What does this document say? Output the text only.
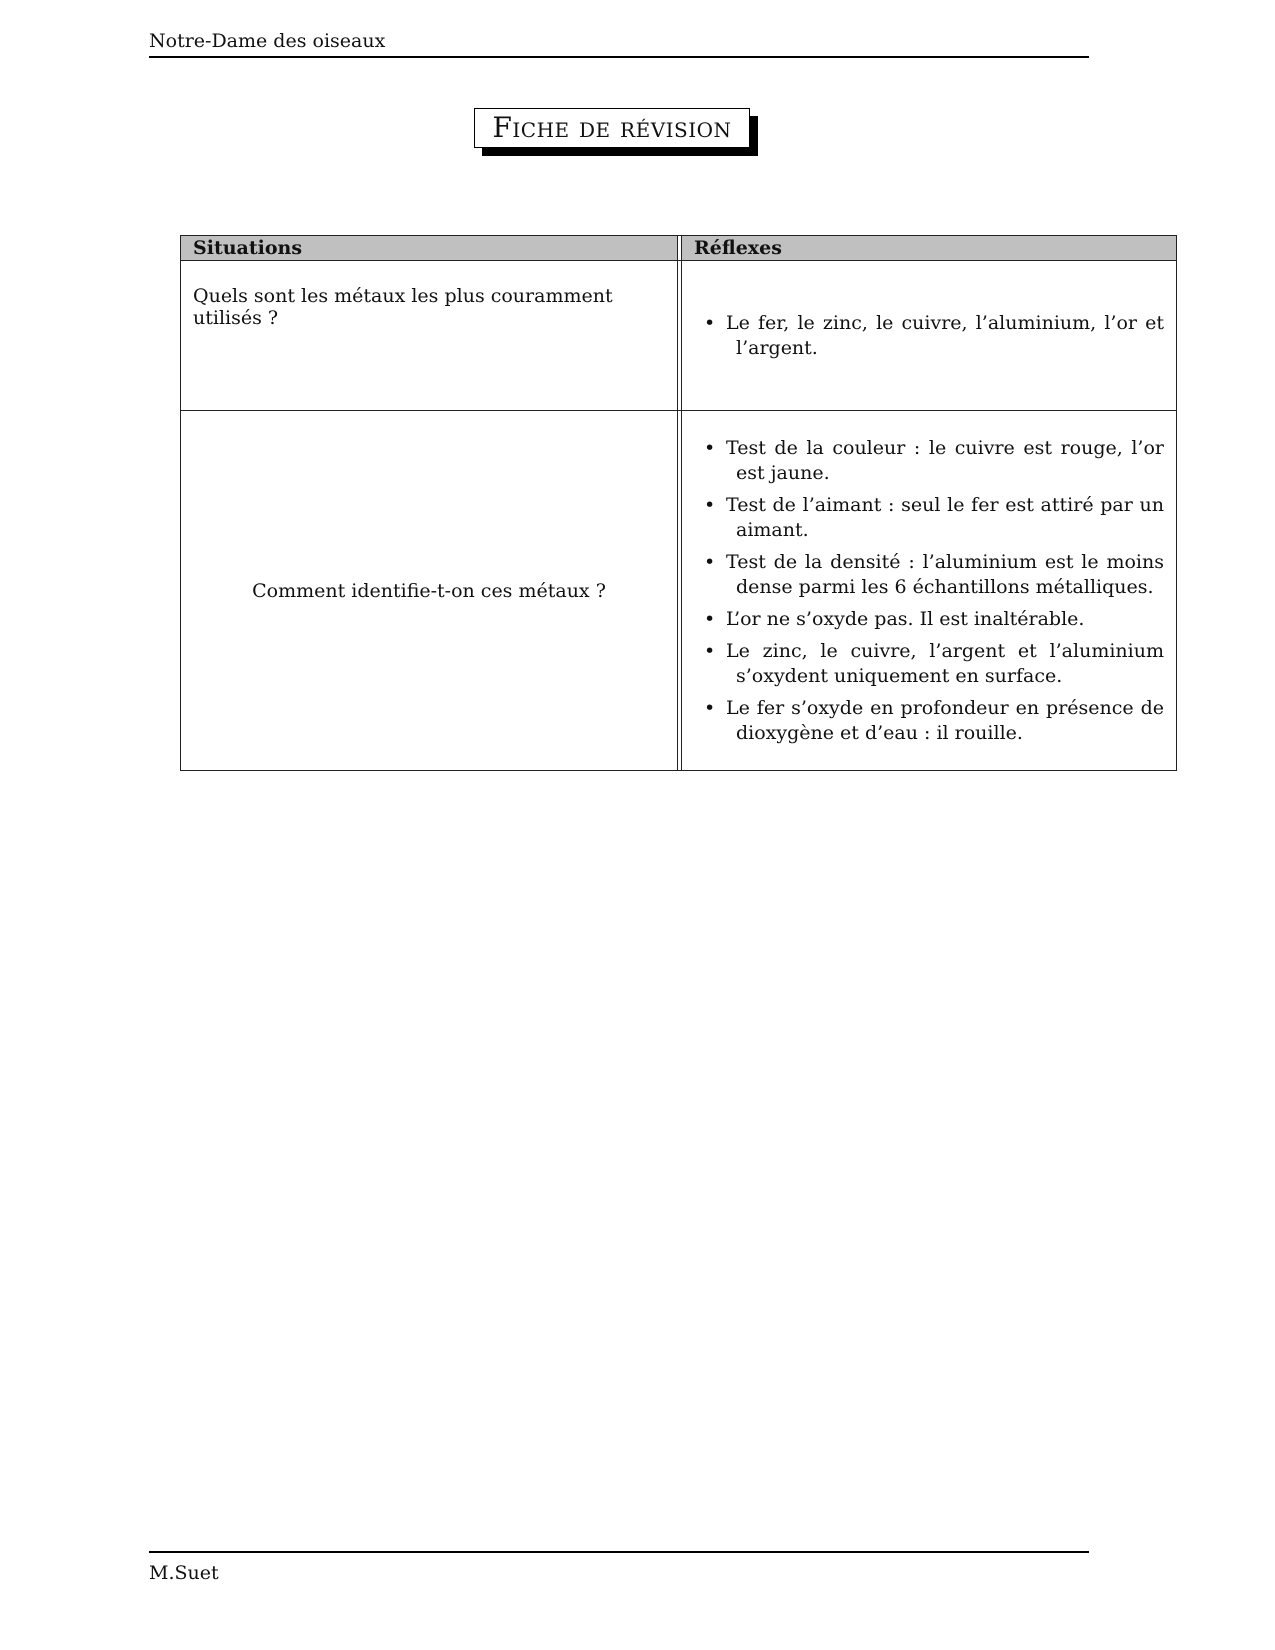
Notre-Dame des oiseaux
Fiche de révision
Situations	Réflexes
Quels sont les métaux les plus couramment utilisés ?	• Le fer, le zinc, le cuivre, l’aluminium, l’or et l’argent.
Comment identifie-t-on ces métaux ?
• Test de la couleur : le cuivre est rouge, l’or est jaune.
• Test de l’aimant : seul le fer est attiré par un aimant.
• Test de la densité : l’aluminium est le moins dense parmi les 6 échantillons métalliques.
• L’or ne s’oxyde pas. Il est inaltérable.
• Le zinc, le cuivre, l’argent et l’aluminium s’oxydent uniquement en surface.
• Le fer s’oxyde en profondeur en présence de dioxygène et d’eau : il rouille.
M.Suet
